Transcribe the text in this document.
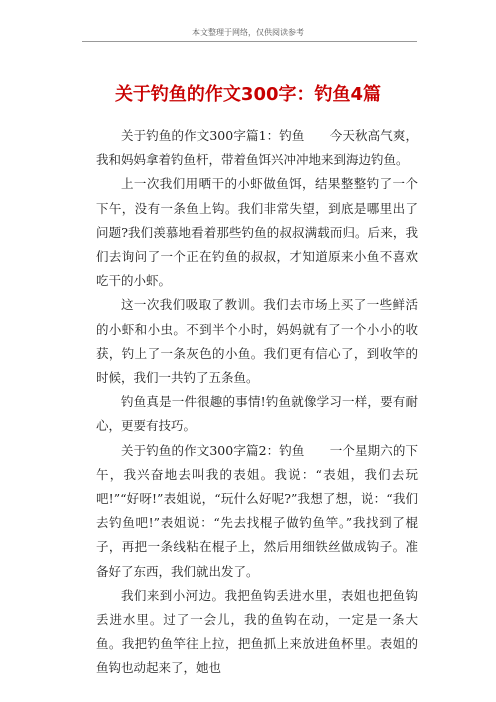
本文整理于网络，仅供阅读参考
关于钓鱼的作文300字：钓鱼4篇

关于钓鱼的作文300字篇1：钓鱼　　今天秋高气爽，我和妈妈拿着钓鱼杆，带着鱼饵兴冲冲地来到海边钓鱼。

上一次我们用晒干的小虾做鱼饵，结果整整钓了一个下午，没有一条鱼上钩。我们非常失望，到底是哪里出了问题?我们羡慕地看着那些钓鱼的叔叔满载而归。后来，我们去询问了一个正在钓鱼的叔叔，才知道原来小鱼不喜欢吃干的小虾。

这一次我们吸取了教训。我们去市场上买了一些鲜活的小虾和小虫。不到半个小时，妈妈就有了一个小小的收获，钓上了一条灰色的小鱼。我们更有信心了，到收竿的时候，我们一共钓了五条鱼。

钓鱼真是一件很趣的事情!钓鱼就像学习一样，要有耐心，更要有技巧。

关于钓鱼的作文300字篇2：钓鱼　　一个星期六的下午，我兴奋地去叫我的表姐。我说：“表姐，我们去玩吧!”“好呀!”表姐说，“玩什么好呢?”我想了想，说：“我们去钓鱼吧!”表姐说：“先去找棍子做钓鱼竿。”我找到了棍子，再把一条线粘在棍子上，然后用细铁丝做成钩子。准备好了东西，我们就出发了。

我们来到小河边。我把鱼钩丢进水里，表姐也把鱼钩丢进水里。过了一会儿，我的鱼钩在动，一定是一条大鱼。我把钓鱼竿往上拉，把鱼抓上来放进鱼杯里。表姐的鱼钩也动起来了，她也
